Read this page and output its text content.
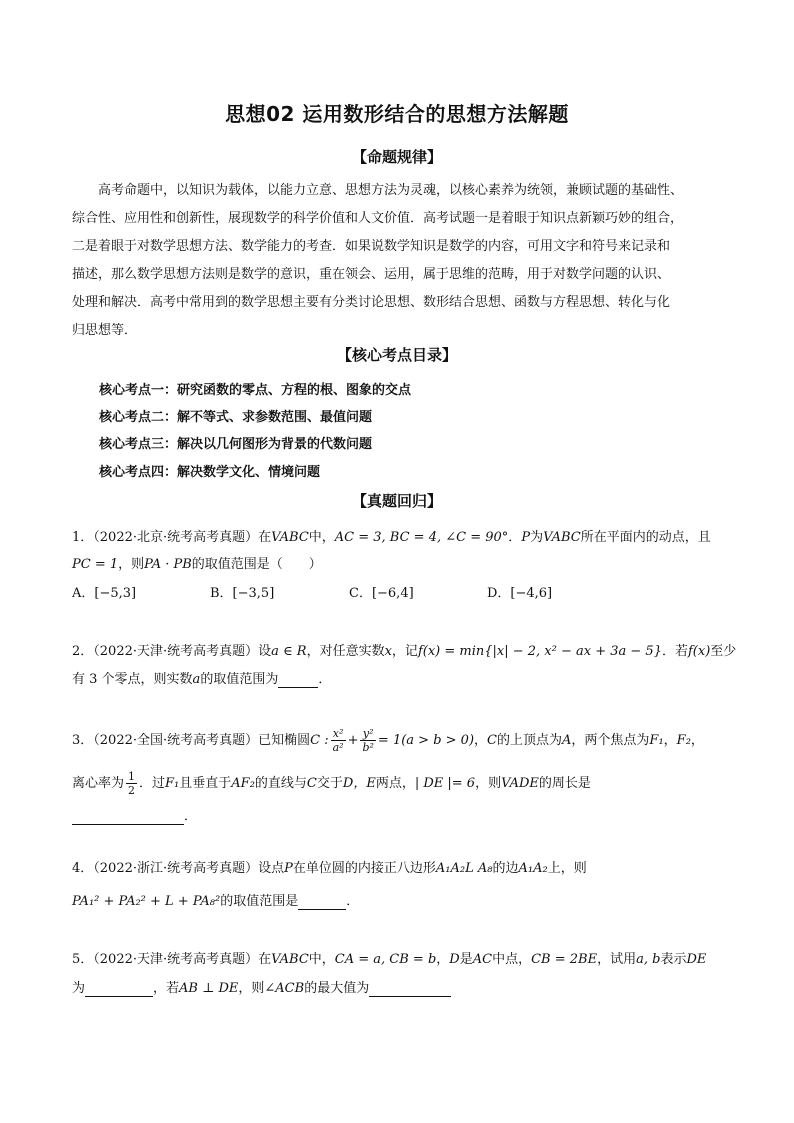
思想02 运用数形结合的思想方法解题
【命题规律】
高考命题中，以知识为载体，以能力立意、思想方法为灵魂，以核心素养为统领，兼顾试题的基础性、
综合性、应用性和创新性，展现数学的科学价值和人文价值．高考试题一是着眼于知识点新颖巧妙的组合，
二是着眼于对数学思想方法、数学能力的考查．如果说数学知识是数学的内容，可用文字和符号来记录和
描述，那么数学思想方法则是数学的意识，重在领会、运用，属于思维的范畴，用于对数学问题的认识、
处理和解决．高考中常用到的数学思想主要有分类讨论思想、数形结合思想、函数与方程思想、转化与化
归思想等．
【核心考点目录】
核心考点一：研究函数的零点、方程的根、图象的交点
核心考点二：解不等式、求参数范围、最值问题
核心考点三：解决以几何图形为背景的代数问题
核心考点四：解决数学文化、情境问题
【真题回归】
1．（2022·北京·统考高考真题）在VABC中，AC = 3, BC = 4, ∠C = 90°．P为VABC所在平面内的动点，且
PC = 1，则PA · PB的取值范围是（　　）
A．[−5,3]	B．[−3,5]	C．[−6,4]	D．[−4,6]
2．（2022·天津·统考高考真题）设a ∈ R，对任意实数x，记f(x) = min{|x| − 2, x² − ax + 3a − 5}．若f(x)至少
有 3 个零点，则实数a的取值范围为	．
3．（2022·全国·统考高考真题）已知椭圆C : $\frac{\text{x²}}{\text{a²}} + \frac{\text{y²}}{\text{b²}} = 1(a > b > 0)$，C的上顶点为A，两个焦点为F₁，F₂，
离心率为 $\frac{1}{2}$ ．过F₁且垂直于AF₂的直线与C交于D，E两点，| DE |= 6，则VADE的周长是
．
4．（2022·浙江·统考高考真题）设点P在单位圆的内接正八边形A₁A₂L A₈的边A₁A₂上，则
PA₁² + PA₂² + L + PA₈²的取值范围是	．
5．（2022·天津·统考高考真题）在VABC中，CA = a, CB = b，D是AC中点，CB = 2BE，试用a, b表示DE
为	，若AB ⊥ DE，则∠ACB的最大值为
